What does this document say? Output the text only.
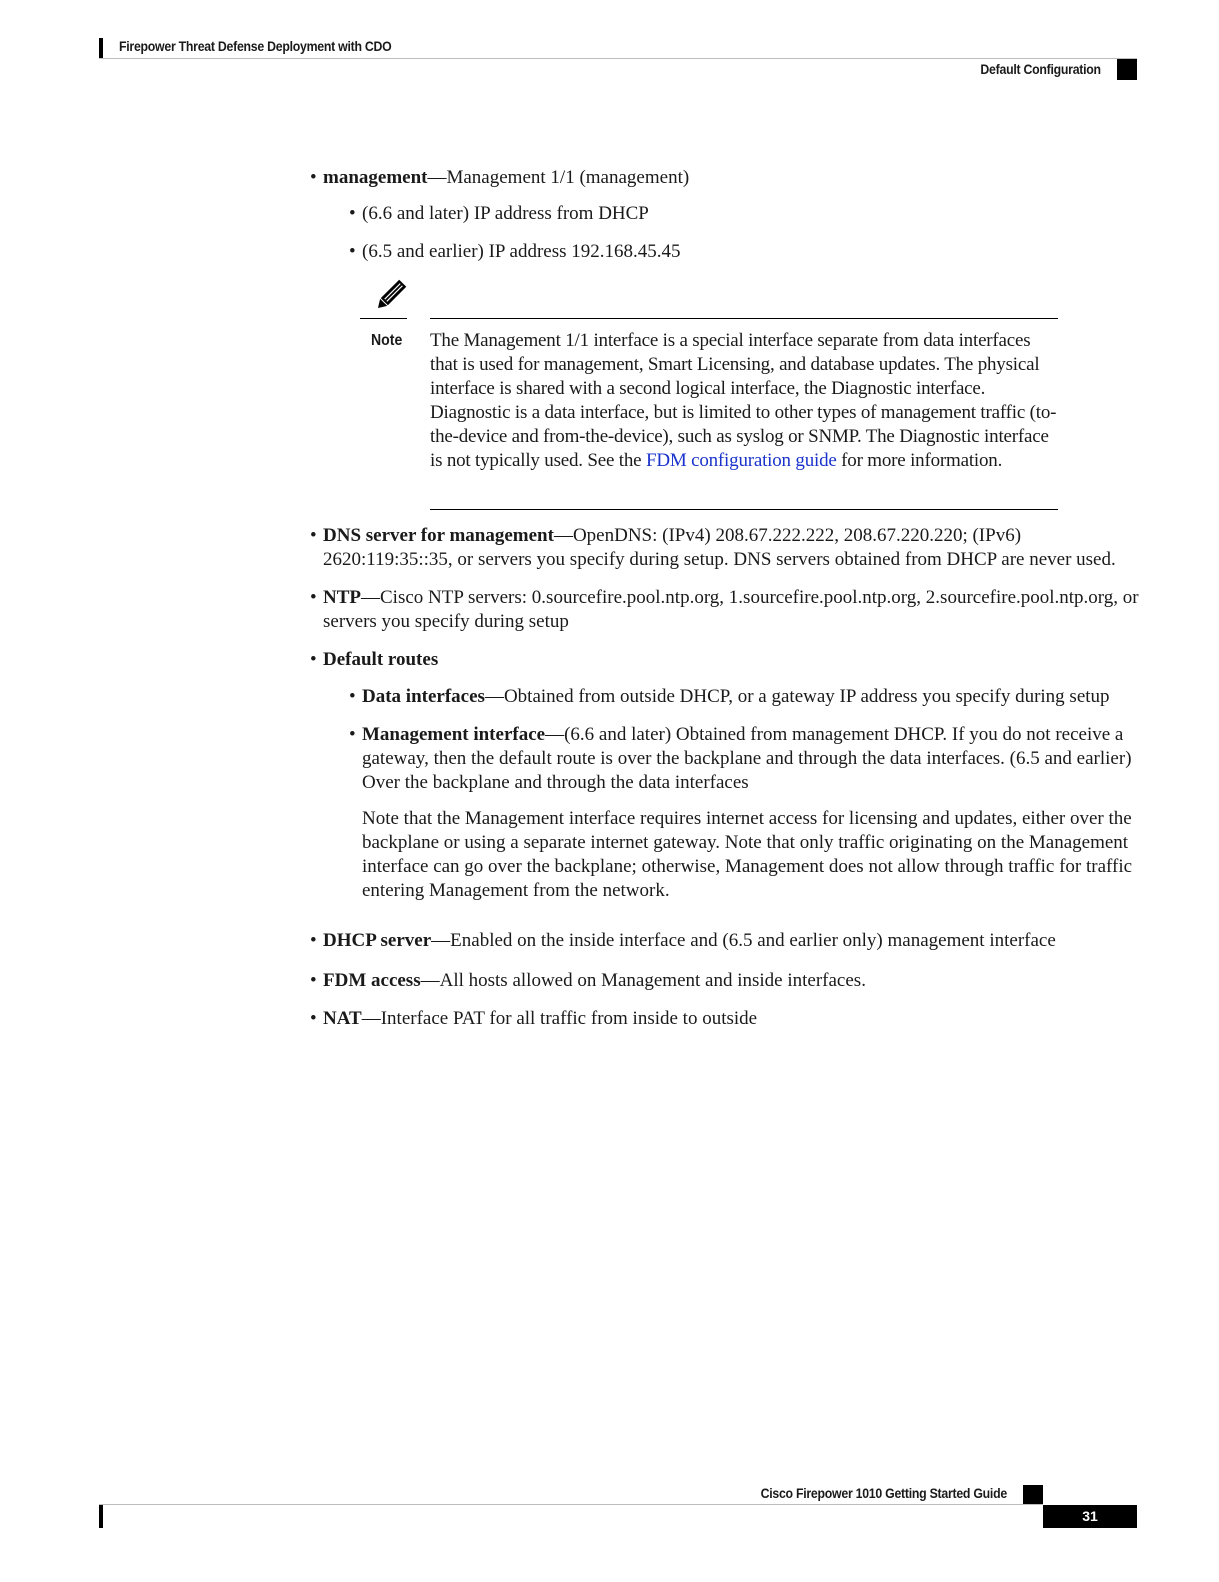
Firepower Threat Defense Deployment with CDO
Default Configuration
• management—Management 1/1 (management)
• (6.6 and later) IP address from DHCP
• (6.5 and earlier) IP address 192.168.45.45
Note The Management 1/1 interface is a special interface separate from data interfaces that is used for management, Smart Licensing, and database updates. The physical interface is shared with a second logical interface, the Diagnostic interface. Diagnostic is a data interface, but is limited to other types of management traffic (to-the-device and from-the-device), such as syslog or SNMP. The Diagnostic interface is not typically used. See the FDM configuration guide for more information.
• DNS server for management—OpenDNS: (IPv4) 208.67.222.222, 208.67.220.220; (IPv6) 2620:119:35::35, or servers you specify during setup. DNS servers obtained from DHCP are never used.
• NTP—Cisco NTP servers: 0.sourcefire.pool.ntp.org, 1.sourcefire.pool.ntp.org, 2.sourcefire.pool.ntp.org, or servers you specify during setup
• Default routes
• Data interfaces—Obtained from outside DHCP, or a gateway IP address you specify during setup
• Management interface—(6.6 and later) Obtained from management DHCP. If you do not receive a gateway, then the default route is over the backplane and through the data interfaces. (6.5 and earlier) Over the backplane and through the data interfaces
Note that the Management interface requires internet access for licensing and updates, either over the backplane or using a separate internet gateway. Note that only traffic originating on the Management interface can go over the backplane; otherwise, Management does not allow through traffic for traffic entering Management from the network.
• DHCP server—Enabled on the inside interface and (6.5 and earlier only) management interface
• FDM access—All hosts allowed on Management and inside interfaces.
• NAT—Interface PAT for all traffic from inside to outside
Cisco Firepower 1010 Getting Started Guide
31
